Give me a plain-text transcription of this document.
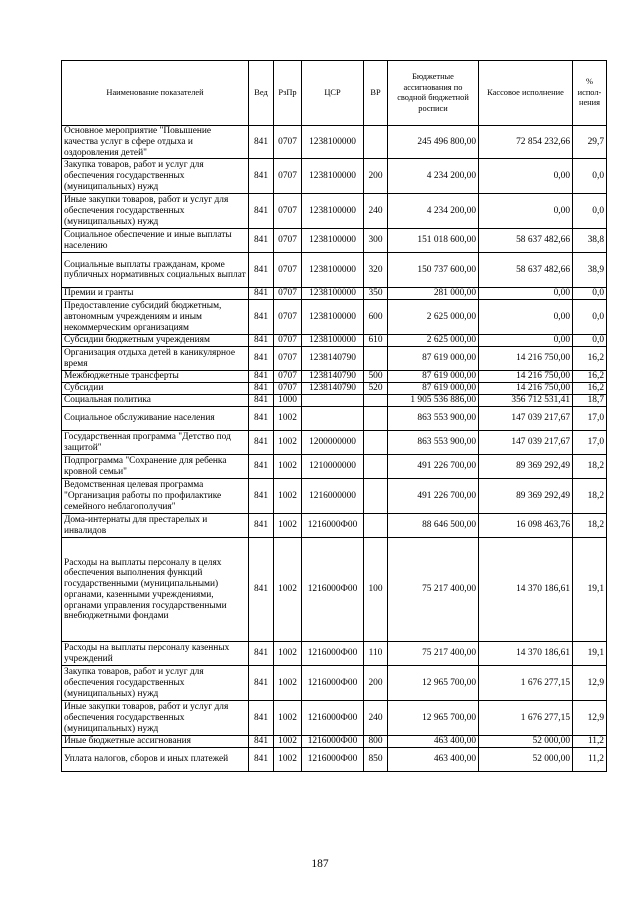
Наименование показателей	Вед	РзПр	ЦСР	ВР	Бюджетные ассигнования по сводной бюджетной росписи	Кассовое исполнение	% испол-нения
Основное мероприятие "Повышение качества услуг в сфере отдыха и оздоровления детей"	841	0707	1238100000		245 496 800,00	72 854 232,66	29,7
Закупка товаров, работ и услуг для обеспечения государственных (муниципальных) нужд	841	0707	1238100000	200	4 234 200,00	0,00	0,0
Иные закупки товаров, работ и услуг для обеспечения государственных (муниципальных) нужд	841	0707	1238100000	240	4 234 200,00	0,00	0,0
Социальное обеспечение и иные выплаты населению	841	0707	1238100000	300	151 018 600,00	58 637 482,66	38,8
Социальные выплаты гражданам, кроме публичных нормативных социальных выплат	841	0707	1238100000	320	150 737 600,00	58 637 482,66	38,9
Премии и гранты	841	0707	1238100000	350	281 000,00	0,00	0,0
Предоставление субсидий бюджетным, автономным учреждениям и иным некоммерческим организациям	841	0707	1238100000	600	2 625 000,00	0,00	0,0
Субсидии бюджетным учреждениям	841	0707	1238100000	610	2 625 000,00	0,00	0,0
Организация отдыха детей в каникулярное время	841	0707	1238140790		87 619 000,00	14 216 750,00	16,2
Межбюджетные трансферты	841	0707	1238140790	500	87 619 000,00	14 216 750,00	16,2
Субсидии	841	0707	1238140790	520	87 619 000,00	14 216 750,00	16,2
Социальная политика	841	1000			1 905 536 886,00	356 712 531,41	18,7
Социальное обслуживание населения	841	1002			863 553 900,00	147 039 217,67	17,0
Государственная программа "Детство под защитой"	841	1002	1200000000		863 553 900,00	147 039 217,67	17,0
Подпрограмма "Сохранение для ребенка кровной семьи"	841	1002	1210000000		491 226 700,00	89 369 292,49	18,2
Ведомственная целевая программа "Организация работы по профилактике семейного неблагополучия"	841	1002	1216000000		491 226 700,00	89 369 292,49	18,2
Дома-интернаты для престарелых и инвалидов	841	1002	1216000Ф00		88 646 500,00	16 098 463,76	18,2
Расходы на выплаты персоналу в целях обеспечения выполнения функций государственными (муниципальными) органами, казенными учреждениями, органами управления государственными внебюджетными фондами	841	1002	1216000Ф00	100	75 217 400,00	14 370 186,61	19,1
Расходы на выплаты персоналу казенных учреждений	841	1002	1216000Ф00	110	75 217 400,00	14 370 186,61	19,1
Закупка товаров, работ и услуг для обеспечения государственных (муниципальных) нужд	841	1002	1216000Ф00	200	12 965 700,00	1 676 277,15	12,9
Иные закупки товаров, работ и услуг для обеспечения государственных (муниципальных) нужд	841	1002	1216000Ф00	240	12 965 700,00	1 676 277,15	12,9
Иные бюджетные ассигнования	841	1002	1216000Ф00	800	463 400,00	52 000,00	11,2
Уплата налогов, сборов и иных платежей	841	1002	1216000Ф00	850	463 400,00	52 000,00	11,2
187
